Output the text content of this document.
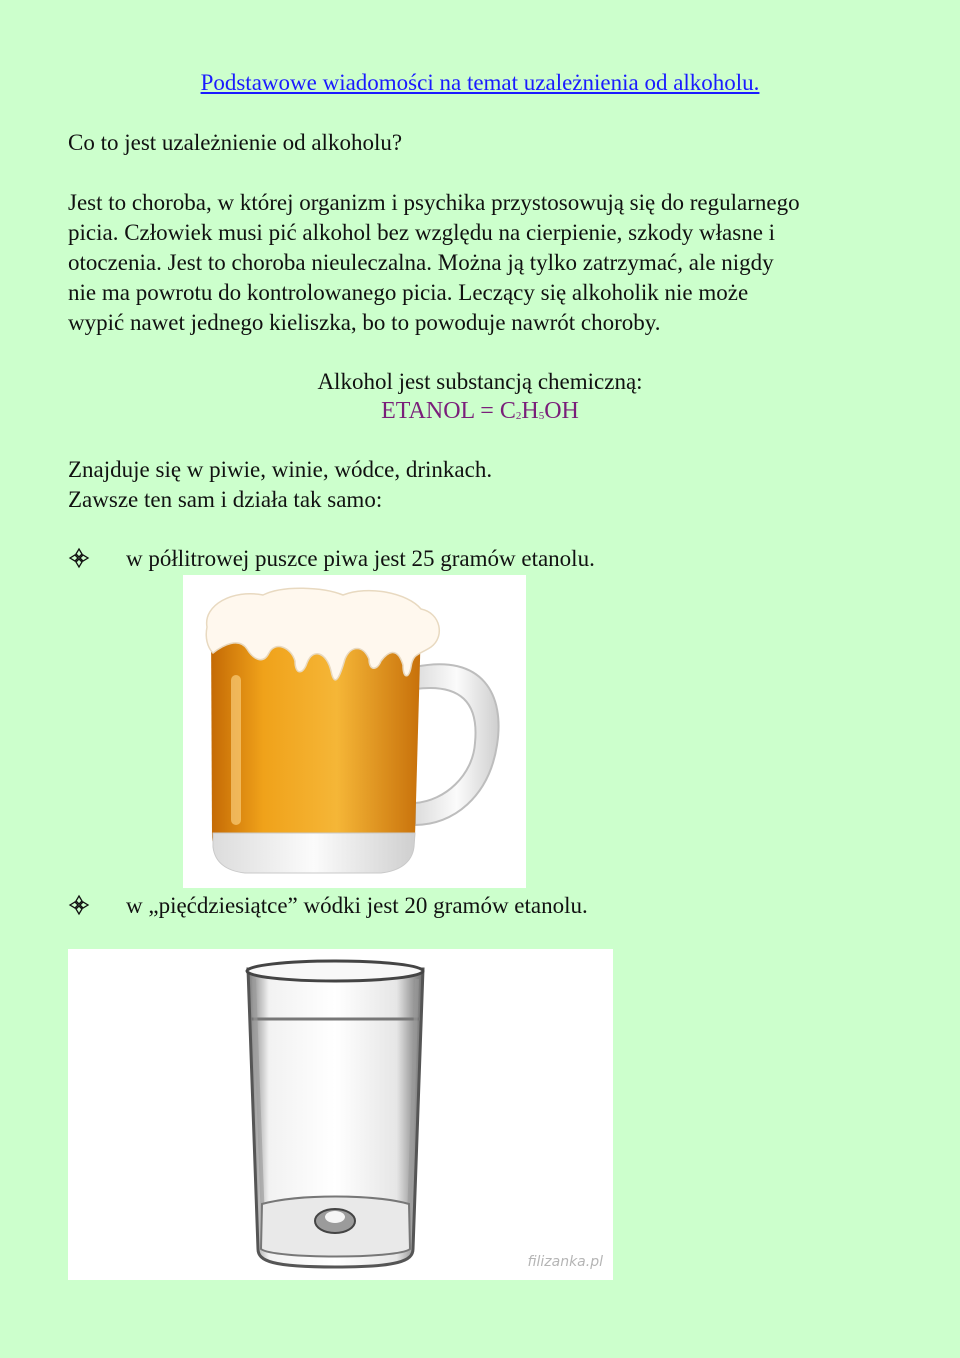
Podstawowe wiadomości na temat uzależnienia od alkoholu.
Co to jest uzależnienie od alkoholu?
Jest to choroba, w której organizm i psychika przystosowują się do regularnego
picia. Człowiek musi pić alkohol bez względu na cierpienie, szkody własne i
otoczenia. Jest to choroba nieuleczalna. Można ją tylko zatrzymać, ale nigdy
nie ma powrotu do kontrolowanego picia. Leczący się alkoholik nie może
wypić nawet jednego kieliszka, bo to powoduje nawrót choroby.
Alkohol jest substancją chemiczną:
ETANOL = $C_2H_5OH$
Znajduje się w piwie, winie, wódce, drinkach.
Zawsze ten sam i działa tak samo:
w półlitrowej puszce piwa jest 25 gramów etanolu.
w „pięćdziesiątce” wódki jest 20 gramów etanolu.
filizanka.pl
